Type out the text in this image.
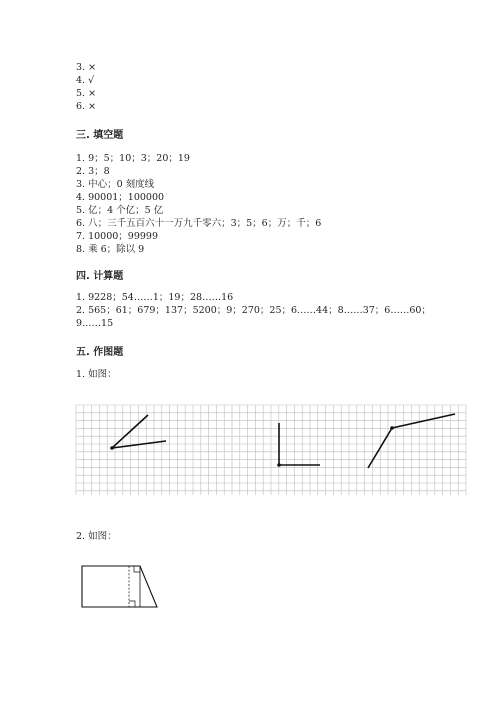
3. ×
4. √
5. ×
6. ×
三. 填空题
1. 9；5；10；3；20；19
2. 3；8
3. 中心；0 刻度线
4. 90001；100000
5. 亿；4 个亿；5 亿
6. 八；三千五百六十一万九千零六；3；5；6；万；千；6
7. 10000；99999
8. 乘 6；除以 9
四. 计算题
1. 9228；54……1；19；28……16
2. 565；61；679；137；5200；9；270；25；6……44；8……37；6……60；
9……15
五. 作图题
1. 如图：
2. 如图：
